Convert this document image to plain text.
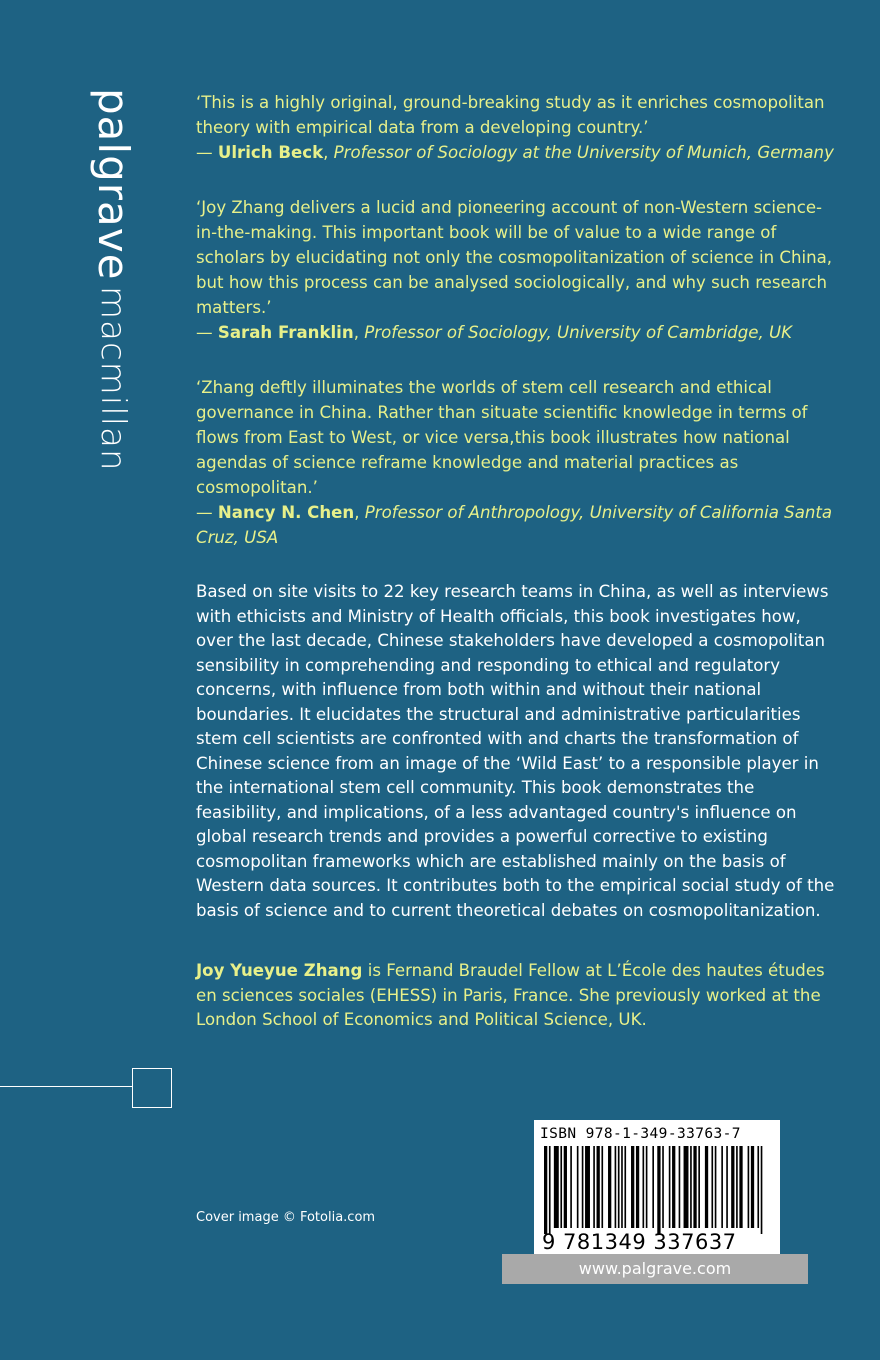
palgrave macmillan

‘This is a highly original, ground-breaking study as it enriches cosmopolitan theory with empirical data from a developing country.’
— Ulrich Beck, Professor of Sociology at the University of Munich, Germany

‘Joy Zhang delivers a lucid and pioneering account of non-Western science-in-the-making. This important book will be of value to a wide range of scholars by elucidating not only the cosmopolitanization of science in China, but how this process can be analysed sociologically, and why such research matters.’
— Sarah Franklin, Professor of Sociology, University of Cambridge, UK

‘Zhang deftly illuminates the worlds of stem cell research and ethical governance in China. Rather than situate scientific knowledge in terms of flows from East to West, or vice versa,this book illustrates how national agendas of science reframe knowledge and material practices as cosmopolitan.’
— Nancy N. Chen, Professor of Anthropology, University of California Santa Cruz, USA

Based on site visits to 22 key research teams in China, as well as interviews with ethicists and Ministry of Health officials, this book investigates how, over the last decade, Chinese stakeholders have developed a cosmopolitan sensibility in comprehending and responding to ethical and regulatory concerns, with influence from both within and without their national boundaries. It elucidates the structural and administrative particularities stem cell scientists are confronted with and charts the transformation of Chinese science from an image of the ‘Wild East’ to a responsible player in the international stem cell community. This book demonstrates the feasibility, and implications, of a less advantaged country's influence on global research trends and provides a powerful corrective to existing cosmopolitan frameworks which are established mainly on the basis of Western data sources. It contributes both to the empirical social study of the basis of science and to current theoretical debates on cosmopolitanization.

Joy Yueyue Zhang is Fernand Braudel Fellow at L’École des hautes études en sciences sociales (EHESS) in Paris, France. She previously worked at the London School of Economics and Political Science, UK.

Cover image © Fotolia.com
ISBN 978-1-349-33763-7
9 781349 337637
www.palgrave.com
